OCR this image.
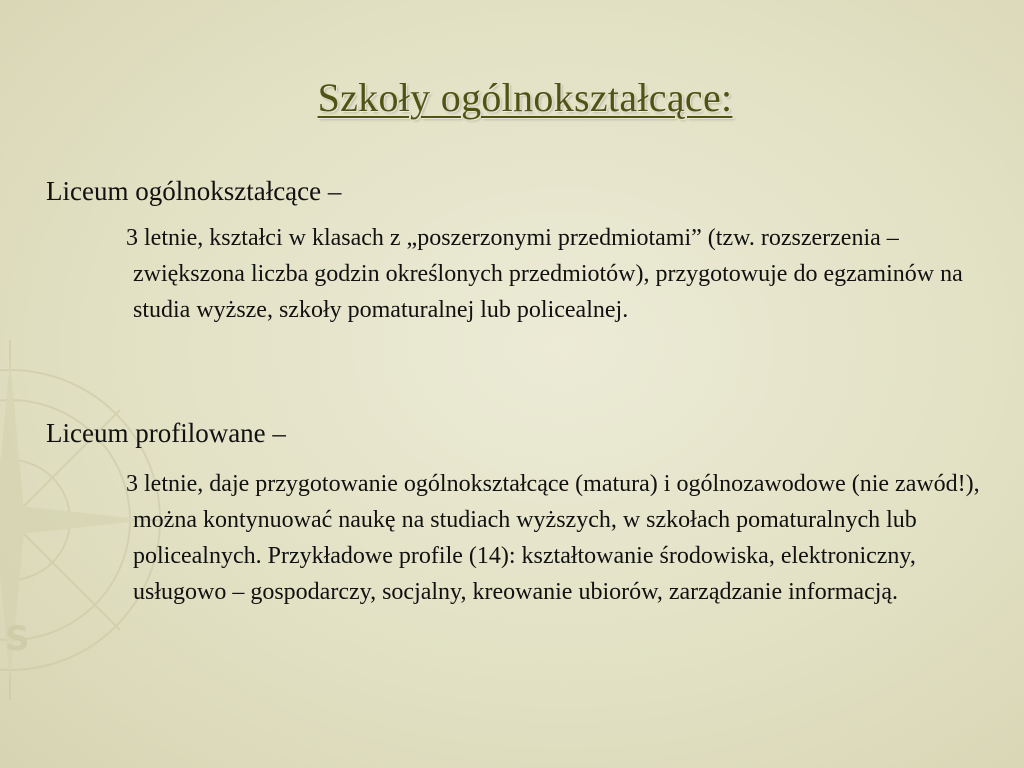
S
Szkoły ogólnokształcące:

Liceum ogólnokształcące –

3 letnie, kształci w klasach z „poszerzonymi przedmiotami” (tzw. rozszerzenia – zwiększona liczba godzin określonych przedmiotów), przygotowuje do egzaminów na studia wyższe, szkoły pomaturalnej lub policealnej.

Liceum profilowane –

3 letnie, daje przygotowanie ogólnokształcące (matura) i ogólnozawodowe (nie zawód!), można kontynuować naukę na studiach wyższych, w szkołach pomaturalnych lub policealnych. Przykładowe profile (14): kształtowanie środowiska, elektroniczny, usługowo – gospodarczy, socjalny, kreowanie ubiorów, zarządzanie informacją.
